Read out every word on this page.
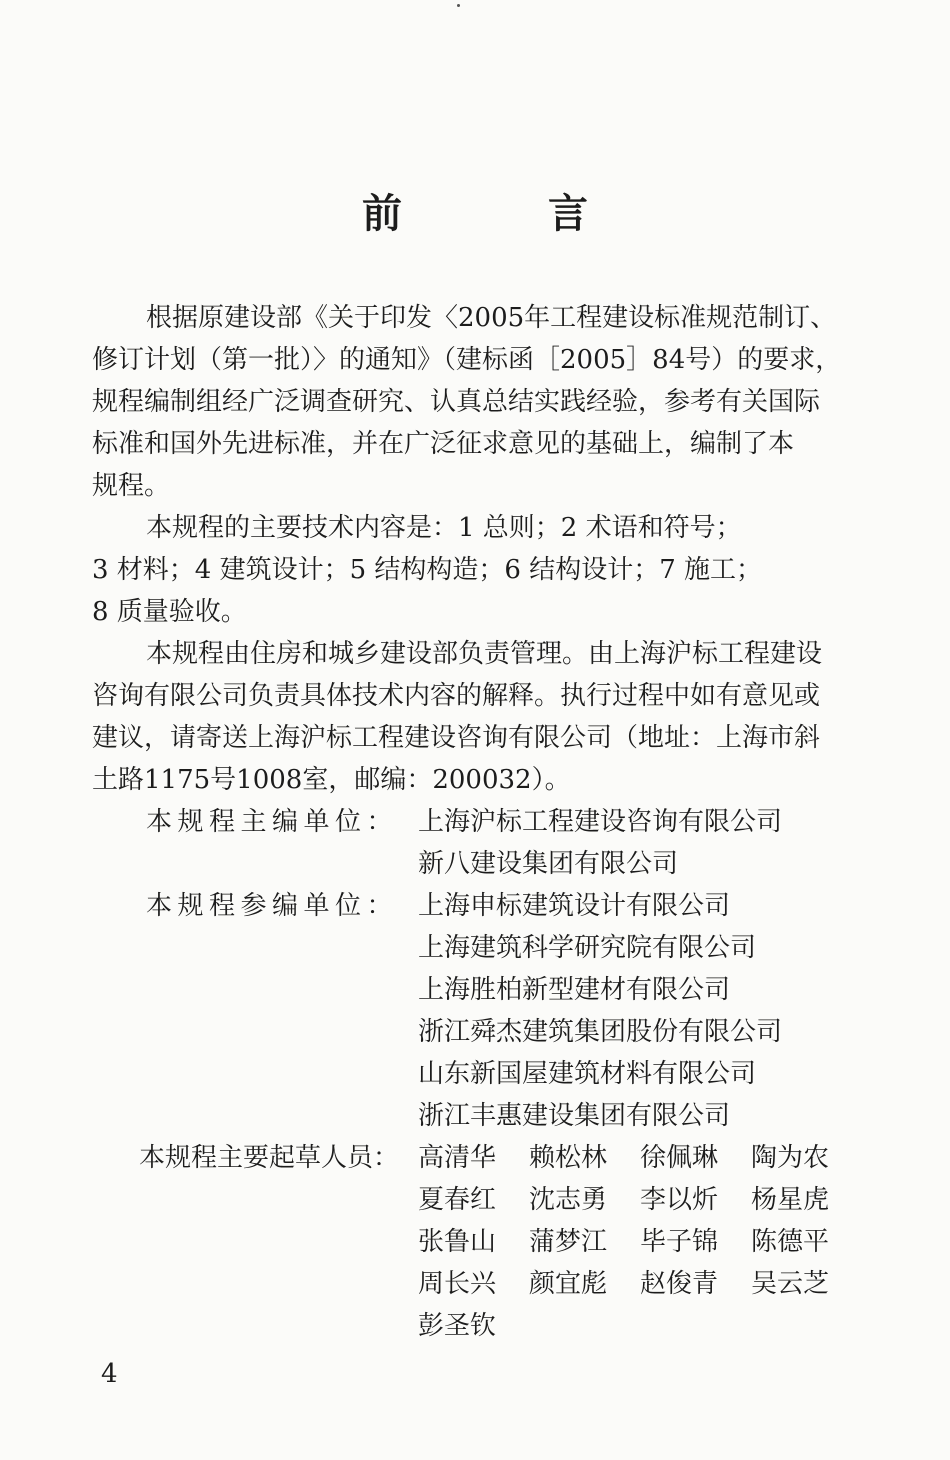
前 言
根据原建设部《关于印发〈2005年工程建设标准规范制订、
修订计划（第一批）〉的通知》（建标函［2005］84号）的要求，
规程编制组经广泛调查研究、认真总结实践经验，参考有关国际
标准和国外先进标准，并在广泛征求意见的基础上，编制了本
规程。
本规程的主要技术内容是：1 总则；2 术语和符号；
3 材料；4 建筑设计；5 结构构造；6 结构设计；7 施工；
8 质量验收。
本规程由住房和城乡建设部负责管理。由上海沪标工程建设
咨询有限公司负责具体技术内容的解释。执行过程中如有意见或
建议，请寄送上海沪标工程建设咨询有限公司（地址：上海市斜
土路1175号1008室，邮编：200032）。
本规程主编单位： 上海沪标工程建设咨询有限公司
新八建设集团有限公司
本规程参编单位： 上海申标建筑设计有限公司
上海建筑科学研究院有限公司
上海胜柏新型建材有限公司
浙江舜杰建筑集团股份有限公司
山东新国屋建筑材料有限公司
浙江丰惠建设集团有限公司
本规程主要起草人员： 高清华	赖松林	徐佩琳	陶为农
夏春红	沈志勇	李以炘	杨星虎
张鲁山	蒲梦江	毕子锦	陈德平
周长兴	颜宜彪	赵俊青	吴云芝
彭圣钦
4
